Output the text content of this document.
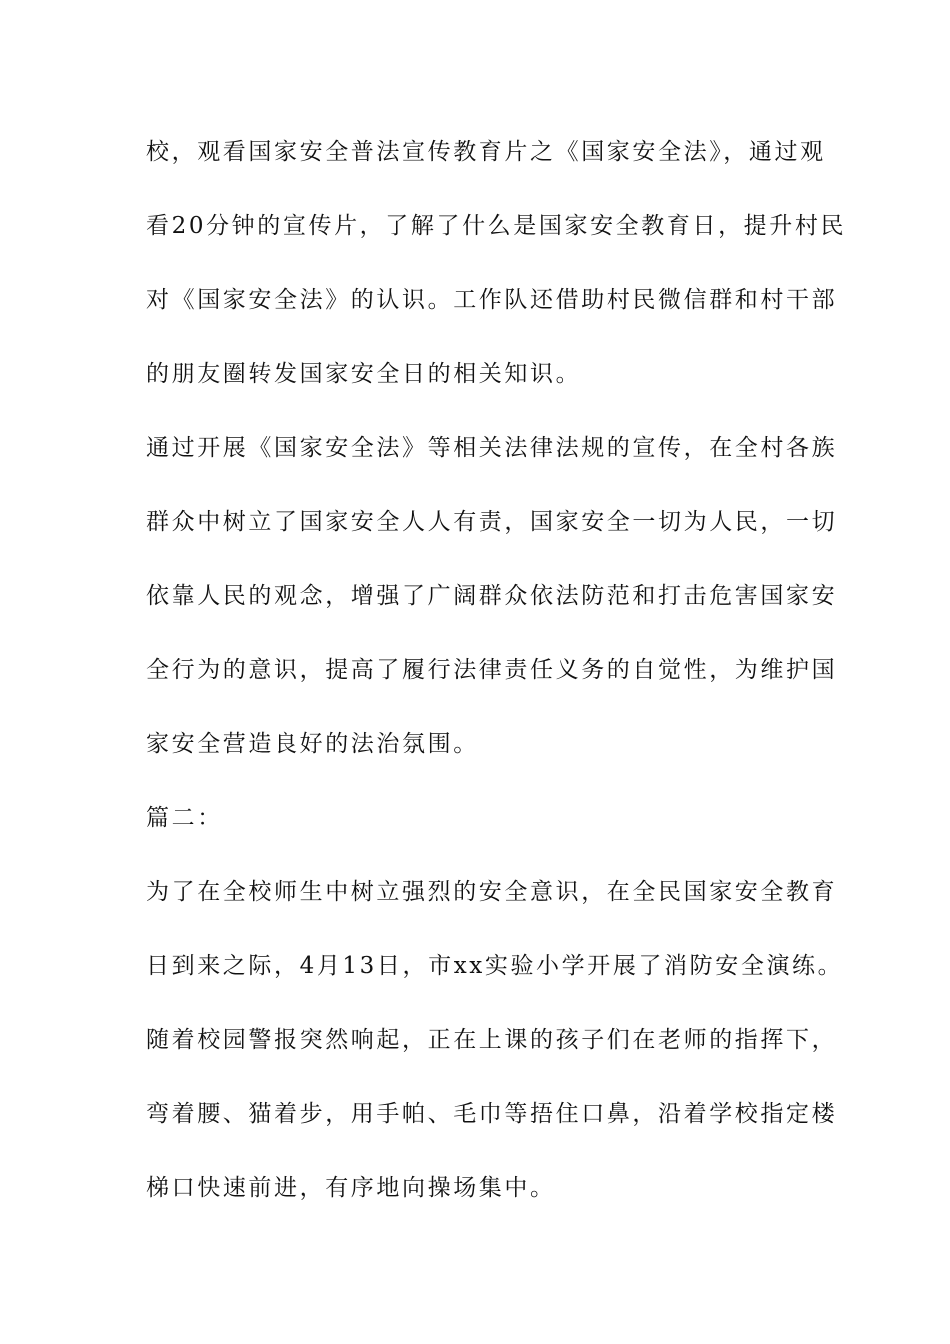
校，观看国家安全普法宣传教育片之《国家安全法》，通过观
看20分钟的宣传片，了解了什么是国家安全教育日，提升村民
对《国家安全法》的认识。工作队还借助村民微信群和村干部
的朋友圈转发国家安全日的相关知识。
通过开展《国家安全法》等相关法律法规的宣传，在全村各族
群众中树立了国家安全人人有责，国家安全一切为人民，一切
依靠人民的观念，增强了广阔群众依法防范和打击危害国家安
全行为的意识，提高了履行法律责任义务的自觉性，为维护国
家安全营造良好的法治氛围。
篇二：
为了在全校师生中树立强烈的安全意识，在全民国家安全教育
日到来之际，4月13日，市xx实验小学开展了消防安全演练。
随着校园警报突然响起，正在上课的孩子们在老师的指挥下，
弯着腰、猫着步，用手帕、毛巾等捂住口鼻，沿着学校指定楼
梯口快速前进，有序地向操场集中。
